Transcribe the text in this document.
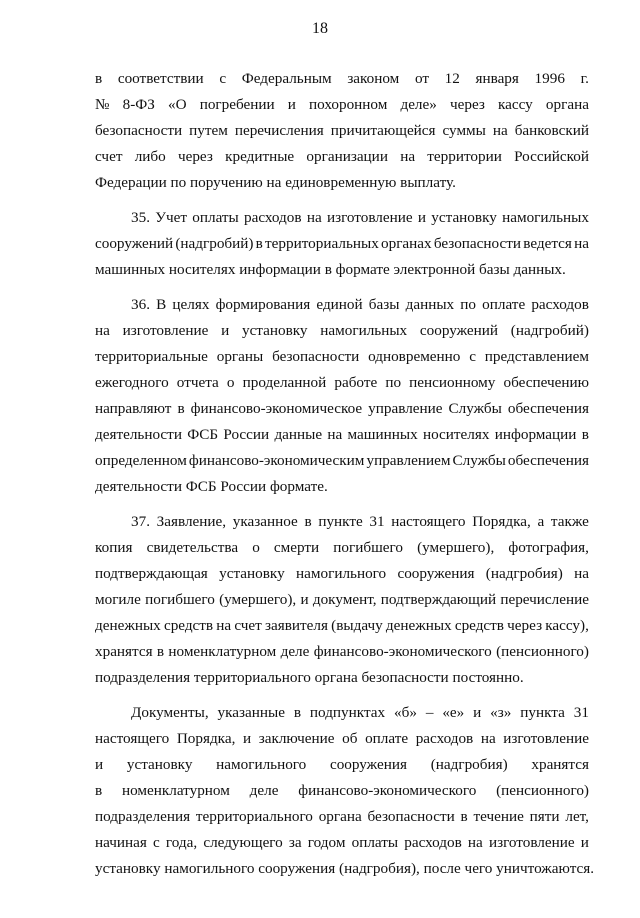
18
в соответствии с Федеральным законом от 12 января 1996 г.
№ 8-ФЗ «О погребении и похоронном деле» через кассу органа
безопасности путем перечисления причитающейся суммы на банковский
счет либо через кредитные организации на территории Российской
Федерации по поручению на единовременную выплату.
35. Учет оплаты расходов на изготовление и установку намогильных
сооружений (надгробий) в территориальных органах безопасности ведется на
машинных носителях информации в формате электронной базы данных.
36. В целях формирования единой базы данных по оплате расходов
на изготовление и установку намогильных сооружений (надгробий)
территориальные органы безопасности одновременно с представлением
ежегодного отчета о проделанной работе по пенсионному обеспечению
направляют в финансово-экономическое управление Службы обеспечения
деятельности ФСБ России данные на машинных носителях информации в
определенном финансово-экономическим управлением Службы обеспечения
деятельности ФСБ России формате.
37. Заявление, указанное в пункте 31 настоящего Порядка, а также
копия свидетельства о смерти погибшего (умершего), фотография,
подтверждающая установку намогильного сооружения (надгробия) на
могиле погибшего (умершего), и документ, подтверждающий перечисление
денежных средств на счет заявителя (выдачу денежных средств через кассу),
хранятся в номенклатурном деле финансово-экономического (пенсионного)
подразделения территориального органа безопасности постоянно.
Документы, указанные в подпунктах «б» – «е» и «з» пункта 31
настоящего Порядка, и заключение об оплате расходов на изготовление
и установку намогильного сооружения (надгробия) хранятся
в номенклатурном деле финансово-экономического (пенсионного)
подразделения территориального органа безопасности в течение пяти лет,
начиная с года, следующего за годом оплаты расходов на изготовление и
установку намогильного сооружения (надгробия), после чего уничтожаются.
